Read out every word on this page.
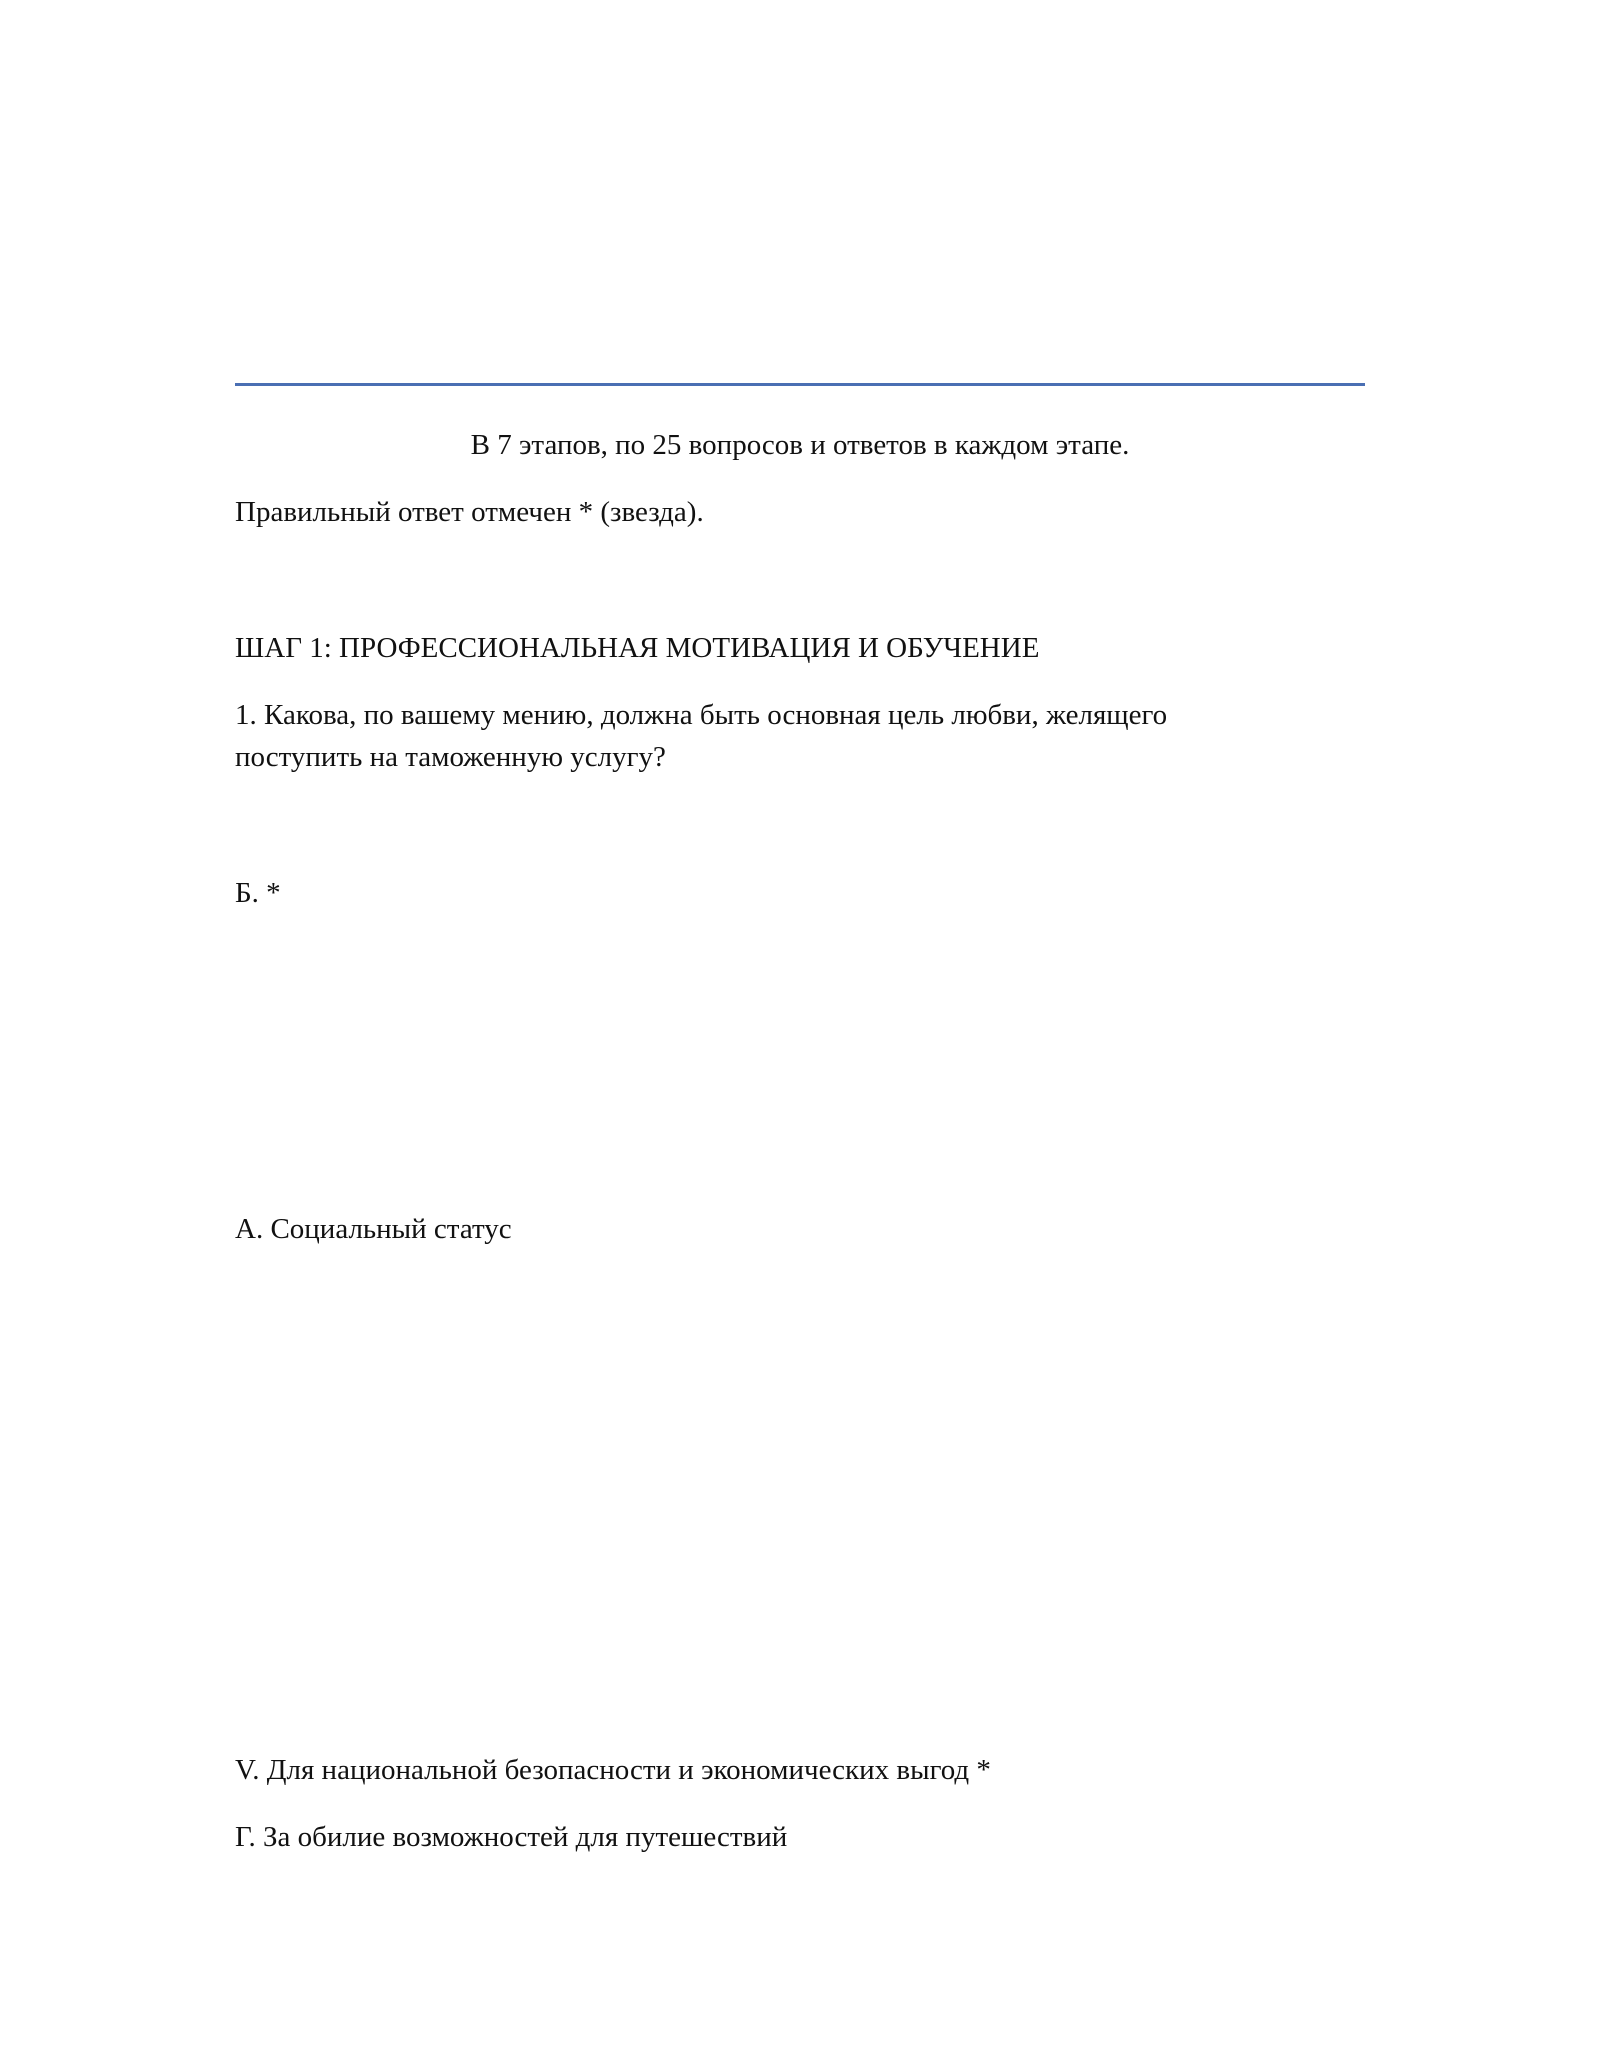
В 7 этапов, по 25 вопросов и ответов в каждом этапе.
Правильный ответ отмечен * (звезда).
ШАГ 1: ПРОФЕССИОНАЛЬНАЯ МОТИВАЦИЯ И ОБУЧЕНИЕ
1. Какова, по вашему мению, должна быть основная цель любви, желящего
поступить на таможенную услугу?
Б. *
А. Социальный статус
V. Для национальной безопасности и экономических выгод *
Г. За обилие возможностей для путешествий
